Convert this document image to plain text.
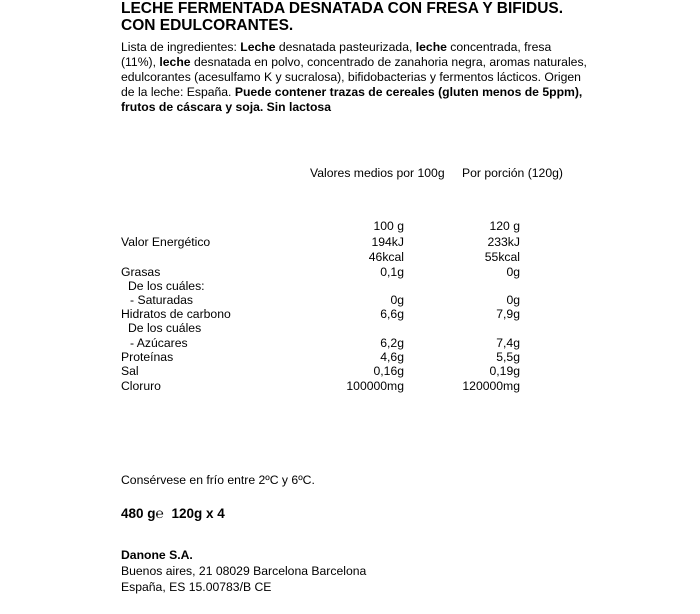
LECHE FERMENTADA DESNATADA CON FRESA Y BIFIDUS. CON EDULCORANTES.

Lista de ingredientes: Leche desnatada pasteurizada, leche concentrada, fresa (11%), leche desnatada en polvo, concentrado de zanahoria negra, aromas naturales, edulcorantes (acesulfamo K y sucralosa), bifidobacterias y fermentos lácticos. Origen de la leche: España. Puede contener trazas de cereales (gluten menos de 5ppm), frutos de cáscara y soja. Sin lactosa

Valores medios por 100g Por porción (120g)
100 g	120 g
Valor Energético	194kJ	233kJ
46kcal	55kcal
Grasas	0,1g	0g
De los cuáles:
- Saturadas	0g	0g
Hidratos de carbono	6,6g	7,9g
De los cuáles
- Azúcares	6,2g	7,4g
Proteínas	4,6g	5,5g
Sal	0,16g	0,19g
Cloruro	100000mg	120000mg
Consérvese en frío entre 2ºC y 6ºC.
480 g℮ 120g x 4
Danone S.A.
Buenos aires, 21 08029 Barcelona Barcelona
España, ES 15.00783/B CE
